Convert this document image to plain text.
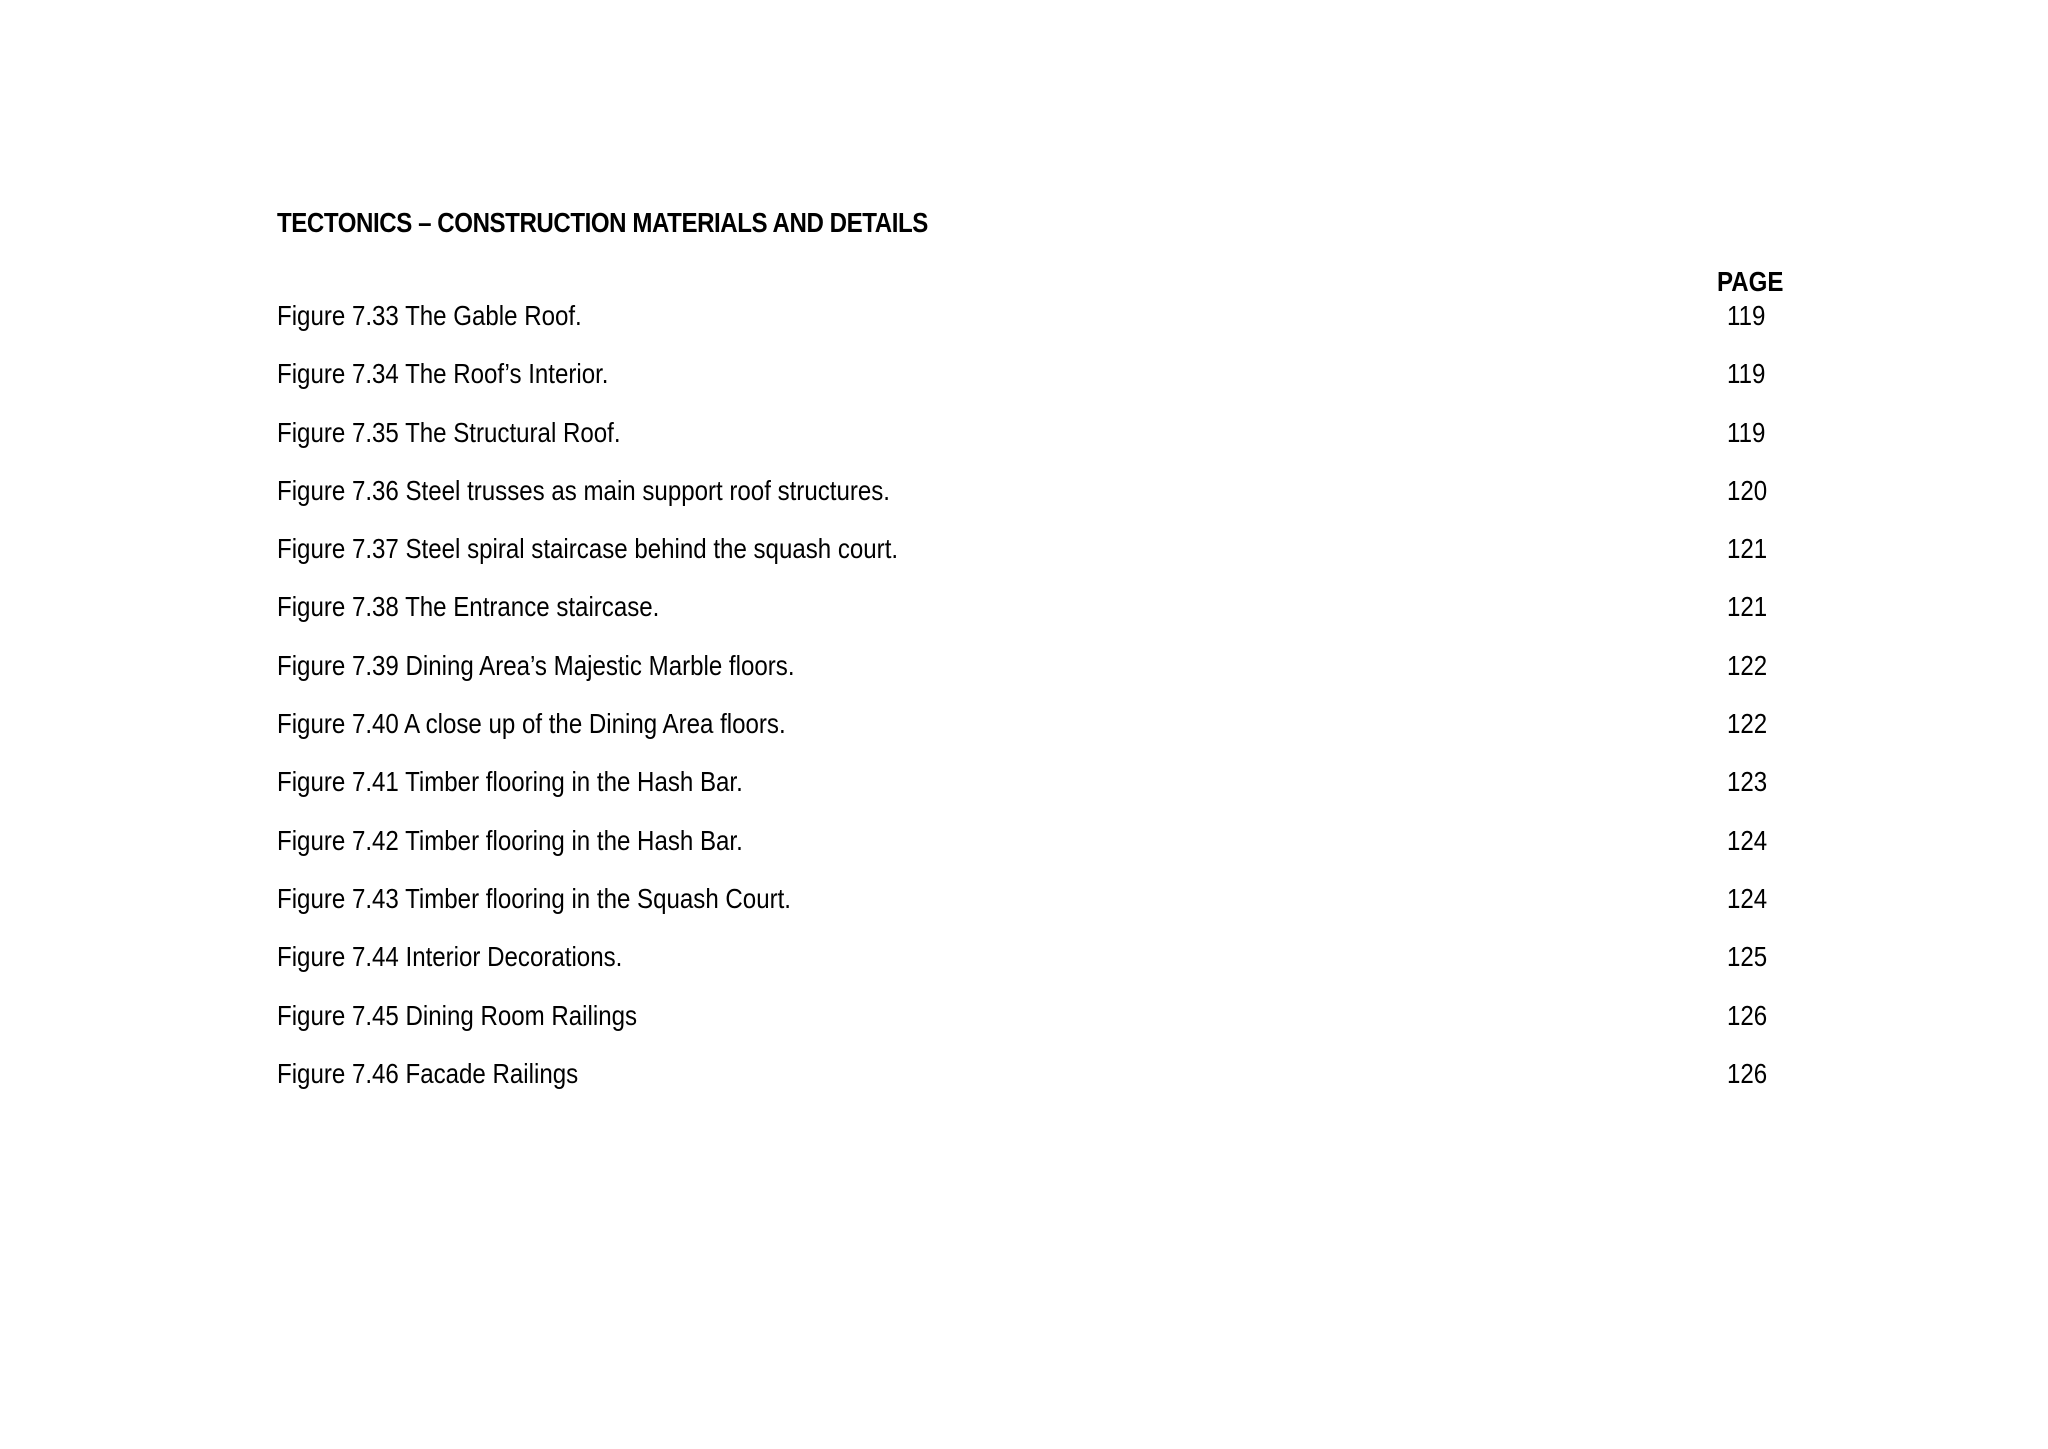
TECTONICS – CONSTRUCTION MATERIALS AND DETAILS
PAGE
Figure 7.33 The Gable Roof.	119
Figure 7.34 The Roof’s Interior.	119
Figure 7.35 The Structural Roof.	119
Figure 7.36 Steel trusses as main support roof structures.	120
Figure 7.37 Steel spiral staircase behind the squash court.	121
Figure 7.38 The Entrance staircase.	121
Figure 7.39 Dining Area’s Majestic Marble floors.	122
Figure 7.40 A close up of the Dining Area floors.	122
Figure 7.41 Timber flooring in the Hash Bar.	123
Figure 7.42 Timber flooring in the Hash Bar.	124
Figure 7.43 Timber flooring in the Squash Court.	124
Figure 7.44 Interior Decorations.	125
Figure 7.45 Dining Room Railings	126
Figure 7.46 Facade Railings	126
